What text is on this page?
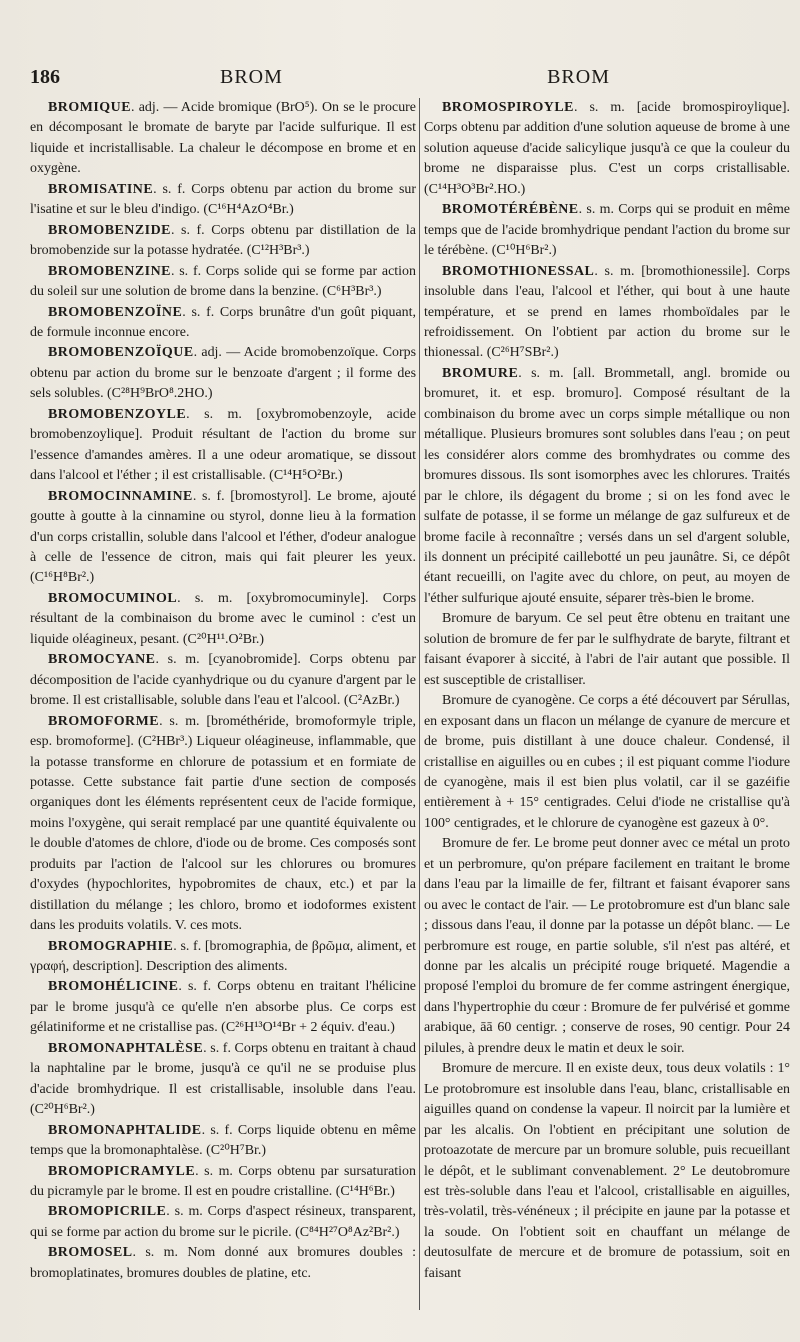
186	BROM	BROM

BROMIQUE. adj. — Acide bromique (BrO⁵). On se le procure en décomposant le bromate de baryte par l'acide sulfurique. Il est liquide et incristallisable. La chaleur le décompose en brome et en oxygène.

BROMISATINE. s. f. Corps obtenu par action du brome sur l'isatine et sur le bleu d'indigo. (C¹⁶H⁴AzO⁴Br.)

BROMOBENZIDE. s. f. Corps obtenu par distillation de la bromobenzide sur la potasse hydratée. (C¹²H³Br³.)

BROMOBENZINE. s. f. Corps solide qui se forme par action du soleil sur une solution de brome dans la benzine. (C⁶H³Br³.)

BROMOBENZOÏNE. s. f. Corps brunâtre d'un goût piquant, de formule inconnue encore.

BROMOBENZOÏQUE. adj. — Acide bromobenzoïque. Corps obtenu par action du brome sur le benzoate d'argent ; il forme des sels solubles. (C²⁸H⁹BrO⁸.2HO.)

BROMOBENZOYLE. s. m. [oxybromobenzoyle, acide bromobenzoylique]. Produit résultant de l'action du brome sur l'essence d'amandes amères. Il a une odeur aromatique, se dissout dans l'alcool et l'éther ; il est cristallisable. (C¹⁴H⁵O²Br.)

BROMOCINNAMINE. s. f. [bromostyrol]. Le brome, ajouté goutte à goutte à la cinnamine ou styrol, donne lieu à la formation d'un corps cristallin, soluble dans l'alcool et l'éther, d'odeur analogue à celle de l'essence de citron, mais qui fait pleurer les yeux. (C¹⁶H⁸Br².)

BROMOCUMINOL. s. m. [oxybromocuminyle]. Corps résultant de la combinaison du brome avec le cuminol : c'est un liquide oléagineux, pesant. (C²⁰H¹¹.O²Br.)

BROMOCYANE. s. m. [cyanobromide]. Corps obtenu par décomposition de l'acide cyanhydrique ou du cyanure d'argent par le brome. Il est cristallisable, soluble dans l'eau et l'alcool. (C²AzBr.)

BROMOFORME. s. m. [brométhéride, bromoformyle triple, esp. bromoforme]. (C²HBr³.) Liqueur oléagineuse, inflammable, que la potasse transforme en chlorure de potassium et en formiate de potasse. Cette substance fait partie d'une section de composés organiques dont les éléments représentent ceux de l'acide formique, moins l'oxygène, qui serait remplacé par une quantité équivalente ou le double d'atomes de chlore, d'iode ou de brome. Ces composés sont produits par l'action de l'alcool sur les chlorures ou bromures d'oxydes (hypochlorites, hypobromites de chaux, etc.) et par la distillation du mélange ; les chloro, bromo et iodoformes existent dans les produits volatils. V. ces mots.

BROMOGRAPHIE. s. f. [bromographia, de βρῶμα, aliment, et γραφή, description]. Description des aliments.

BROMOHÉLICINE. s. f. Corps obtenu en traitant l'hélicine par le brome jusqu'à ce qu'elle n'en absorbe plus. Ce corps est gélatiniforme et ne cristallise pas. (C²⁶H¹³O¹⁴Br + 2 équiv. d'eau.)

BROMONAPHTALÈSE. s. f. Corps obtenu en traitant à chaud la naphtaline par le brome, jusqu'à ce qu'il ne se produise plus d'acide bromhydrique. Il est cristallisable, insoluble dans l'eau. (C²⁰H⁶Br².)

BROMONAPHTALIDE. s. f. Corps liquide obtenu en même temps que la bromonaphtalèse. (C²⁰H⁷Br.)

BROMOPICRAMYLE. s. m. Corps obtenu par sursaturation du picramyle par le brome. Il est en poudre cristalline. (C¹⁴H⁶Br.)

BROMOPICRILE. s. m. Corps d'aspect résineux, transparent, qui se forme par action du brome sur le picrile. (C⁸⁴H²⁷O⁸Az²Br².)

BROMOSEL. s. m. Nom donné aux bromures doubles : bromoplatinates, bromures doubles de platine, etc.

BROMOSPIROYLE. s. m. [acide bromospiroylique]. Corps obtenu par addition d'une solution aqueuse de brome à une solution aqueuse d'acide salicylique jusqu'à ce que la couleur du brome ne disparaisse plus. C'est un corps cristallisable. (C¹⁴H³O³Br².HO.)

BROMOTÉRÉBÈNE. s. m. Corps qui se produit en même temps que de l'acide bromhydrique pendant l'action du brome sur le térébène. (C¹⁰H⁶Br².)

BROMOTHIONESSAL. s. m. [bromothionessile]. Corps insoluble dans l'eau, l'alcool et l'éther, qui bout à une haute température, et se prend en lames rhomboïdales par le refroidissement. On l'obtient par action du brome sur le thionessal. (C²⁶H⁷SBr².)

BROMURE. s. m. [all. Brommetall, angl. bromide ou bromuret, it. et esp. bromuro]. Composé résultant de la combinaison du brome avec un corps simple métallique ou non métallique. Plusieurs bromures sont solubles dans l'eau ; on peut les considérer alors comme des bromhydrates ou comme des bromures dissous. Ils sont isomorphes avec les chlorures. Traités par le chlore, ils dégagent du brome ; si on les fond avec le sulfate de potasse, il se forme un mélange de gaz sulfureux et de brome facile à reconnaître ; versés dans un sel d'argent soluble, ils donnent un précipité caillebotté un peu jaunâtre. Si, ce dépôt étant recueilli, on l'agite avec du chlore, on peut, au moyen de l'éther sulfurique ajouté ensuite, séparer très-bien le brome.

Bromure de baryum. Ce sel peut être obtenu en traitant une solution de bromure de fer par le sulfhydrate de baryte, filtrant et faisant évaporer à siccité, à l'abri de l'air autant que possible. Il est susceptible de cristalliser.

Bromure de cyanogène. Ce corps a été découvert par Sérullas, en exposant dans un flacon un mélange de cyanure de mercure et de brome, puis distillant à une douce chaleur. Condensé, il cristallise en aiguilles ou en cubes ; il est piquant comme l'iodure de cyanogène, mais il est bien plus volatil, car il se gazéifie entièrement à + 15° centigrades. Celui d'iode ne cristallise qu'à 100° centigrades, et le chlorure de cyanogène est gazeux à 0°.

Bromure de fer. Le brome peut donner avec ce métal un proto et un perbromure, qu'on prépare facilement en traitant le brome dans l'eau par la limaille de fer, filtrant et faisant évaporer sans ou avec le contact de l'air. — Le protobromure est d'un blanc sale ; dissous dans l'eau, il donne par la potasse un dépôt blanc. — Le perbromure est rouge, en partie soluble, s'il n'est pas altéré, et donne par les alcalis un précipité rouge briqueté. Magendie a proposé l'emploi du bromure de fer comme astringent énergique, dans l'hypertrophie du cœur : Bromure de fer pulvérisé et gomme arabique, āā 60 centigr. ; conserve de roses, 90 centigr. Pour 24 pilules, à prendre deux le matin et deux le soir.

Bromure de mercure. Il en existe deux, tous deux volatils : 1° Le protobromure est insoluble dans l'eau, blanc, cristallisable en aiguilles quand on condense la vapeur. Il noircit par la lumière et par les alcalis. On l'obtient en précipitant une solution de protoazotate de mercure par un bromure soluble, puis recueillant le dépôt, et le sublimant convenablement. 2° Le deutobromure est très-soluble dans l'eau et l'alcool, cristallisable en aiguilles, très-volatil, très-vénéneux ; il précipite en jaune par la potasse et la soude. On l'obtient soit en chauffant un mélange de deutosulfate de mercure et de bromure de potassium, soit en faisant
